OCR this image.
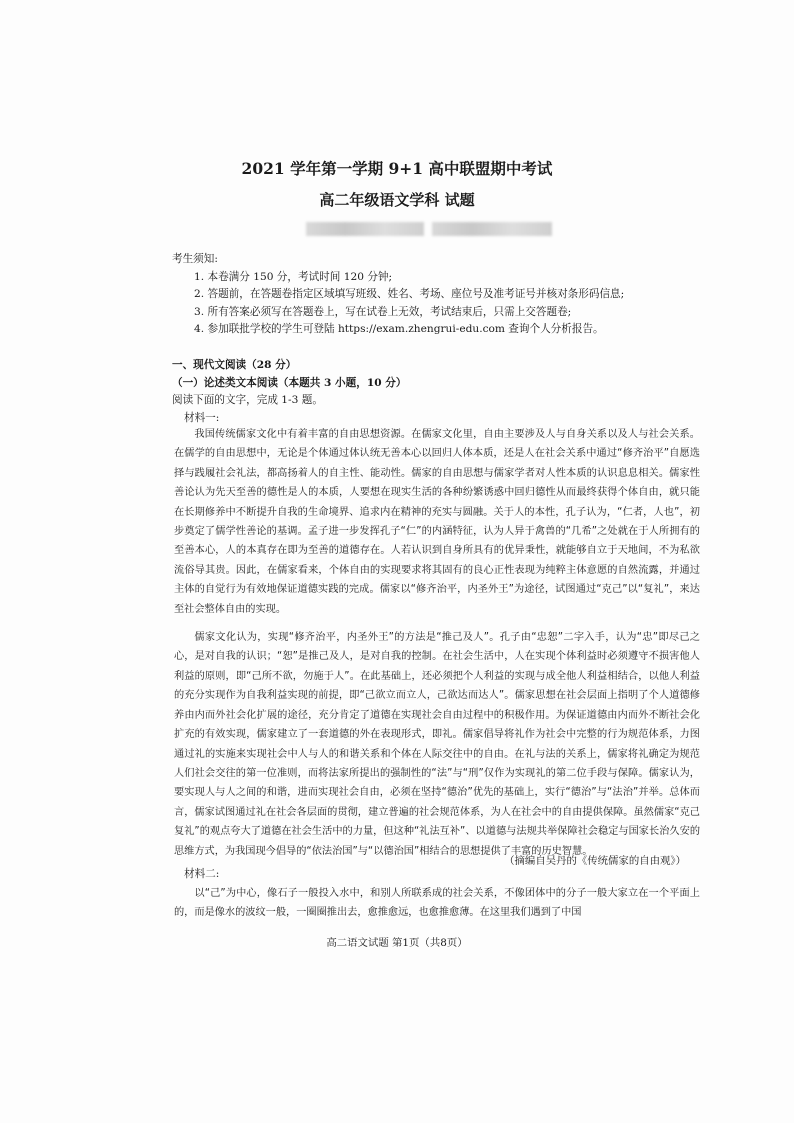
2021 学年第一学期 9+1 高中联盟期中考试
高二年级语文学科 试题
考生须知:
1. 本卷满分 150 分，考试时间 120 分钟;
2. 答题前，在答题卷指定区域填写班级、姓名、考场、座位号及准考证号并核对条形码信息;
3. 所有答案必须写在答题卷上，写在试卷上无效，考试结束后，只需上交答题卷;
4. 参加联批学校的学生可登陆 https://exam.zhengrui-edu.com 查询个人分析报告。
一、现代文阅读（28 分）
（一）论述类文本阅读（本题共 3 小题，10 分）
阅读下面的文字，完成 1-3 题。
材料一:

我国传统儒家文化中有着丰富的自由思想资源。在儒家文化里，自由主要涉及人与自身关系以及人与社会关系。在儒学的自由思想中，无论是个体通过体认统无善本心以回归人体本质，还是人在社会关系中通过“修齐治平”自愿选择与践履社会礼法，都高扬着人的自主性、能动性。儒家的自由思想与儒家学者对人性本质的认识息息相关。儒家性善论认为先天至善的德性是人的本质，人要想在现实生活的各种纷繁诱惑中回归德性从而最终获得个体自由，就只能在长期修养中不断提升自我的生命境界、追求内在精神的充实与圆融。关于人的本性，孔子认为，“仁者，人也”，初步奠定了儒学性善论的基调。孟子进一步发挥孔子“仁”的内涵特征，认为人异于禽兽的“几希”之处就在于人所拥有的至善本心，人的本真存在即为至善的道德存在。人若认识到自身所具有的优异秉性，就能够自立于天地间，不为私欲流俗导其贵。因此，在儒家看来，个体自由的实现要求将其固有的良心正性表现为纯粹主体意愿的自然流露，并通过主体的自觉行为有效地保证道德实践的完成。儒家以“修齐治平，内圣外王”为途径，试图通过“克己”以“复礼”，来达至社会整体自由的实现。

儒家文化认为，实现“修齐治平，内圣外王”的方法是“推己及人”。孔子由“忠恕”二字入手，认为“忠”即尽己之心，是对自我的认识；“恕”是推己及人，是对自我的控制。在社会生活中，人在实现个体利益时必须遵守不损害他人利益的原则，即“己所不欲，勿施于人”。在此基础上，还必须把个人利益的实现与成全他人利益相结合，以他人利益的充分实现作为自我利益实现的前提，即“己欲立而立人，己欲达而达人”。儒家思想在社会层面上指明了个人道德修养由内而外社会化扩展的途径，充分肯定了道德在实现社会自由过程中的积极作用。为保证道德由内而外不断社会化扩充的有效实现，儒家建立了一套道德的外在表现形式，即礼。儒家倡导将礼作为社会中完整的行为规范体系，力图通过礼的实施来实现社会中人与人的和谐关系和个体在人际交往中的自由。在礼与法的关系上，儒家将礼确定为规范人们社会交往的第一位准则，而将法家所提出的强制性的“法”与“刑”仅作为实现礼的第二位手段与保障。儒家认为，要实现人与人之间的和谐，进而实现社会自由，必须在坚持“德治”优先的基础上，实行“德治”与“法治”并举。总体而言，儒家试图通过礼在社会各层面的贯彻，建立普遍的社会规范体系，为人在社会中的自由提供保障。虽然儒家“克己复礼”的观点夸大了道德在社会生活中的力量，但这种“礼法互补”、以道德与法规共举保障社会稳定与国家长治久安的思维方式，为我国现今倡导的“依法治国”与“以德治国”相结合的思想提供了丰富的历史智慧。

（摘编自吴丹的《传统儒家的自由观》）
材料二:

以“己”为中心，像石子一般投入水中，和别人所联系成的社会关系，不像团体中的分子一般大家立在一个平面上的，而是像水的波纹一般，一圈圈推出去，愈推愈远，也愈推愈薄。在这里我们遇到了中国

高二语文试题 第1页（共8页）
